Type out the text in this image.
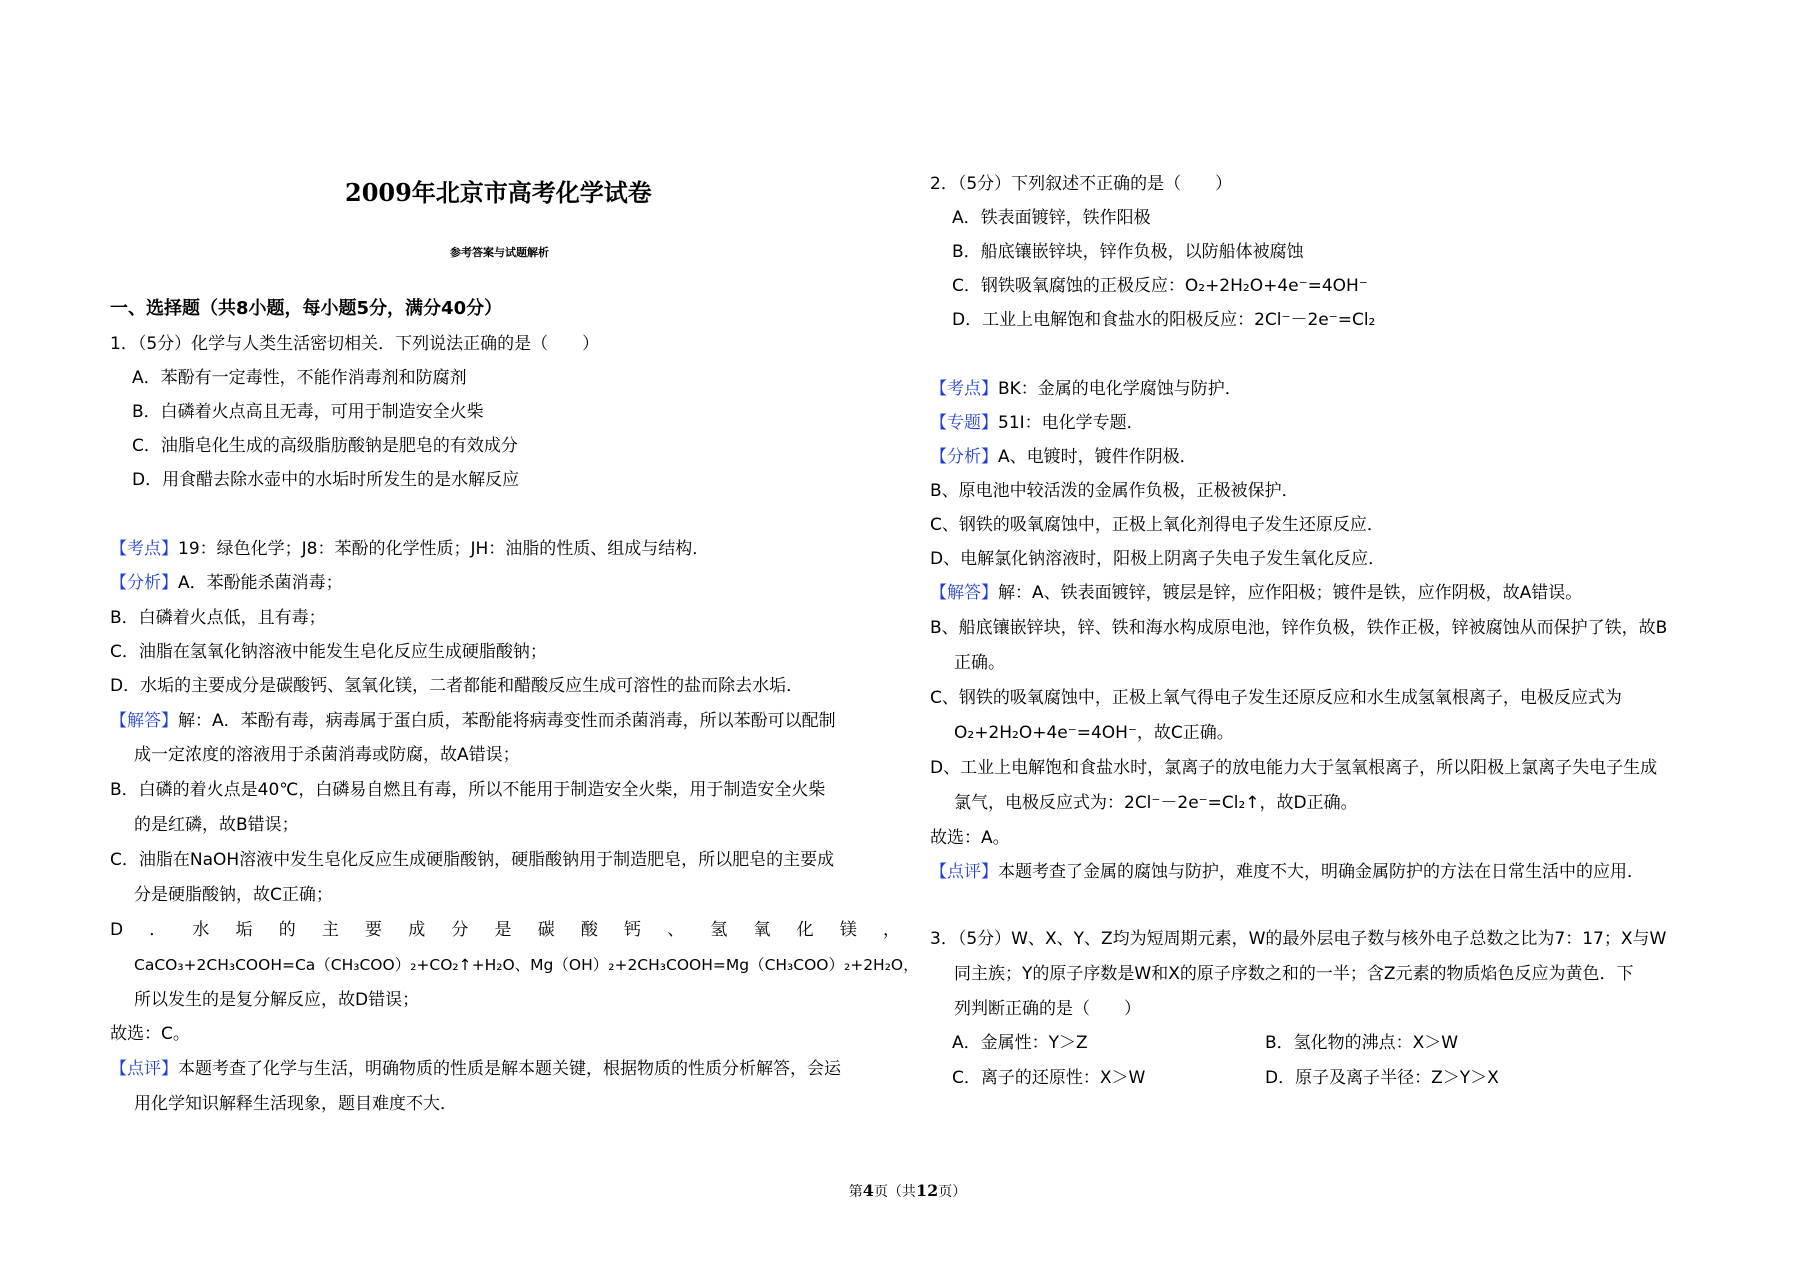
2009年北京市高考化学试卷
参考答案与试题解析
一、选择题（共8小题，每小题5分，满分40分）
1．（5分）化学与人类生活密切相关．下列说法正确的是（　　）
A．苯酚有一定毒性，不能作消毒剂和防腐剂
B．白磷着火点高且无毒，可用于制造安全火柴
C．油脂皂化生成的高级脂肪酸钠是肥皂的有效成分
D．用食醋去除水壶中的水垢时所发生的是水解反应
【考点】19：绿色化学；J8：苯酚的化学性质；JH：油脂的性质、组成与结构．
【分析】A．苯酚能杀菌消毒；
B．白磷着火点低，且有毒；
C．油脂在氢氧化钠溶液中能发生皂化反应生成硬脂酸钠；
D．水垢的主要成分是碳酸钙、氢氧化镁，二者都能和醋酸反应生成可溶性的盐而除去水垢．
【解答】解：A．苯酚有毒，病毒属于蛋白质，苯酚能将病毒变性而杀菌消毒，所以苯酚可以配制
成一定浓度的溶液用于杀菌消毒或防腐，故A错误；
B．白磷的着火点是40℃，白磷易自燃且有毒，所以不能用于制造安全火柴，用于制造安全火柴
的是红磷，故B错误；
C．油脂在NaOH溶液中发生皂化反应生成硬脂酸钠，硬脂酸钠用于制造肥皂，所以肥皂的主要成
分是硬脂酸钠，故C正确；
D．水垢的主要成分是碳酸钙、氢氧化镁，
CaCO₃+2CH₃COOH=Ca（CH₃COO）₂+CO₂↑+H₂O、Mg（OH）₂+2CH₃COOH=Mg（CH₃COO）₂+2H₂O，
所以发生的是复分解反应，故D错误；
故选：C。
【点评】本题考查了化学与生活，明确物质的性质是解本题关键，根据物质的性质分析解答，会运
用化学知识解释生活现象，题目难度不大．
2．（5分）下列叙述不正确的是（　　）
A．铁表面镀锌，铁作阳极
B．船底镶嵌锌块，锌作负极，以防船体被腐蚀
C．钢铁吸氧腐蚀的正极反应：O₂+2H₂O+4e⁻=4OH⁻
D．工业上电解饱和食盐水的阳极反应：2Cl⁻－2e⁻=Cl₂
【考点】BK：金属的电化学腐蚀与防护．
【专题】51I：电化学专题．
【分析】A、电镀时，镀件作阴极．
B、原电池中较活泼的金属作负极，正极被保护．
C、钢铁的吸氧腐蚀中，正极上氧化剂得电子发生还原反应．
D、电解氯化钠溶液时，阳极上阴离子失电子发生氧化反应．
【解答】解：A、铁表面镀锌，镀层是锌，应作阳极；镀件是铁，应作阴极，故A错误。
B、船底镶嵌锌块，锌、铁和海水构成原电池，锌作负极，铁作正极，锌被腐蚀从而保护了铁，故B
正确。
C、钢铁的吸氧腐蚀中，正极上氧气得电子发生还原反应和水生成氢氧根离子，电极反应式为
O₂+2H₂O+4e⁻=4OH⁻，故C正确。
D、工业上电解饱和食盐水时，氯离子的放电能力大于氢氧根离子，所以阳极上氯离子失电子生成
氯气，电极反应式为：2Cl⁻－2e⁻=Cl₂↑，故D正确。
故选：A。
【点评】本题考查了金属的腐蚀与防护，难度不大，明确金属防护的方法在日常生活中的应用．
3．（5分）W、X、Y、Z均为短周期元素，W的最外层电子数与核外电子总数之比为7：17；X与W
同主族；Y的原子序数是W和X的原子序数之和的一半；含Z元素的物质焰色反应为黄色．下
列判断正确的是（　　）
A．金属性：Y＞Z	B．氢化物的沸点：X＞W
C．离子的还原性：X＞W	D．原子及离子半径：Z＞Y＞X
第4页（共12页）
